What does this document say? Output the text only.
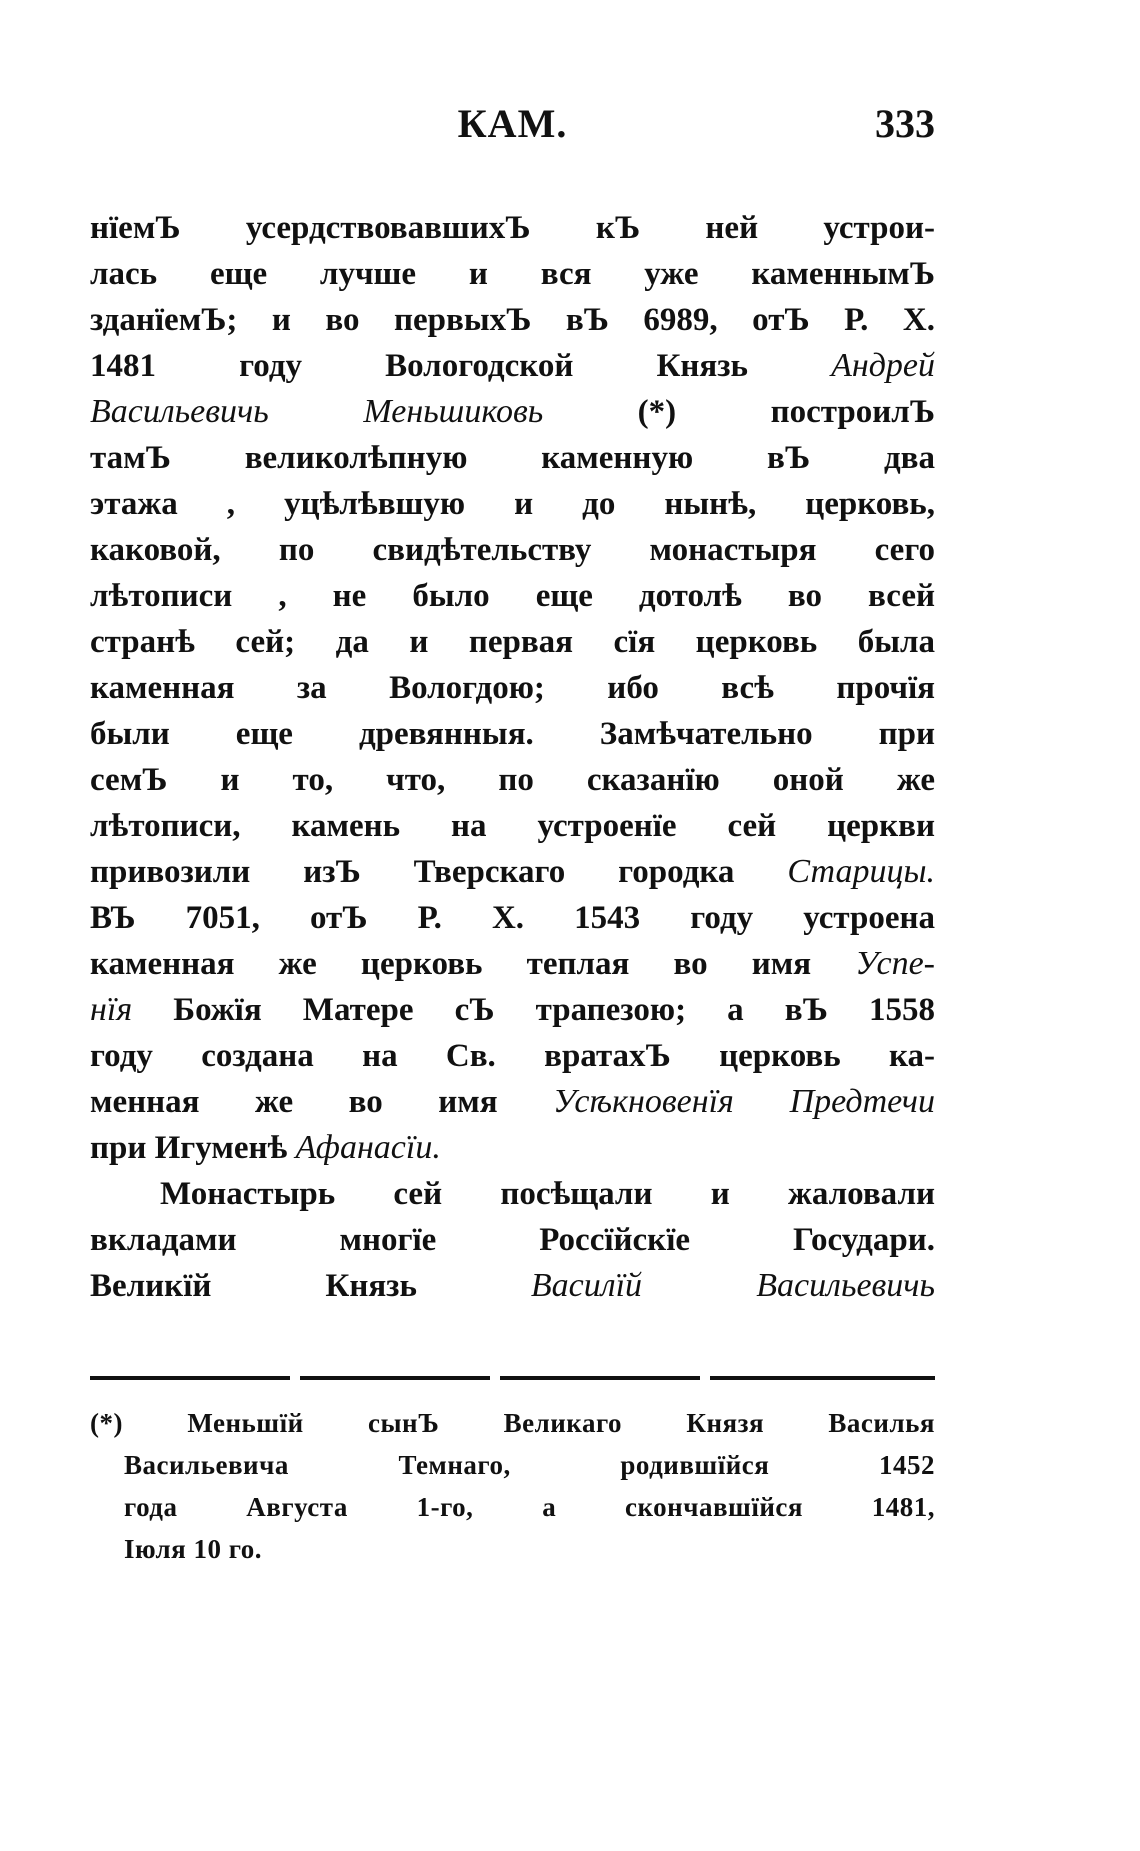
КАМ.	333
нїемЪ усердствовавшихЪ кЪ ней устрои-
лась еще лучше и вся уже каменнымЪ
зданїемЪ; и во первыхЪ вЪ 6989, отЪ Р. Х.
1481 году Вологодской Князь Андрей
Васильевичь Меньшиковь (*) построилЪ
тамЪ великолѣпную каменную вЪ два
этажа , уцѣлѣвшую и до нынѣ, церковь,
каковой, по свидѣтельству монастыря сего
лѣтописи , не было еще дотолѣ во всей
странѣ сей; да и первая сїя церковь была
каменная за Вологдою; ибо всѣ прочїя
были еще древянныя. Замѣчательно при
семЪ и то, что, по сказанїю оной же
лѣтописи, камень на устроенїе сей церкви
привозили изЪ Тверскаго городка Старицы.
ВЪ 7051, отЪ Р. Х. 1543 году устроена
каменная же церковь теплая во имя Успе-
нїя Божїя Матере сЪ трапезою; а вЪ 1558
году создана на Св. вратахЪ церковь ка-
менная же во имя Усѣкновенїя Предтечи
при Игуменѣ Афанасїи.
Монастырь сей посѣщали и жаловали
вкладами многїе Россїйскїе Государи.
Великїй Князь Василїй Васильевичь
(*) Меньшїй сынЪ Великаго Князя Василья
Васильевича Темнаго, родившїйся 1452
года Августа 1-го, а скончавшїйся 1481,
Iюля 10 го.
